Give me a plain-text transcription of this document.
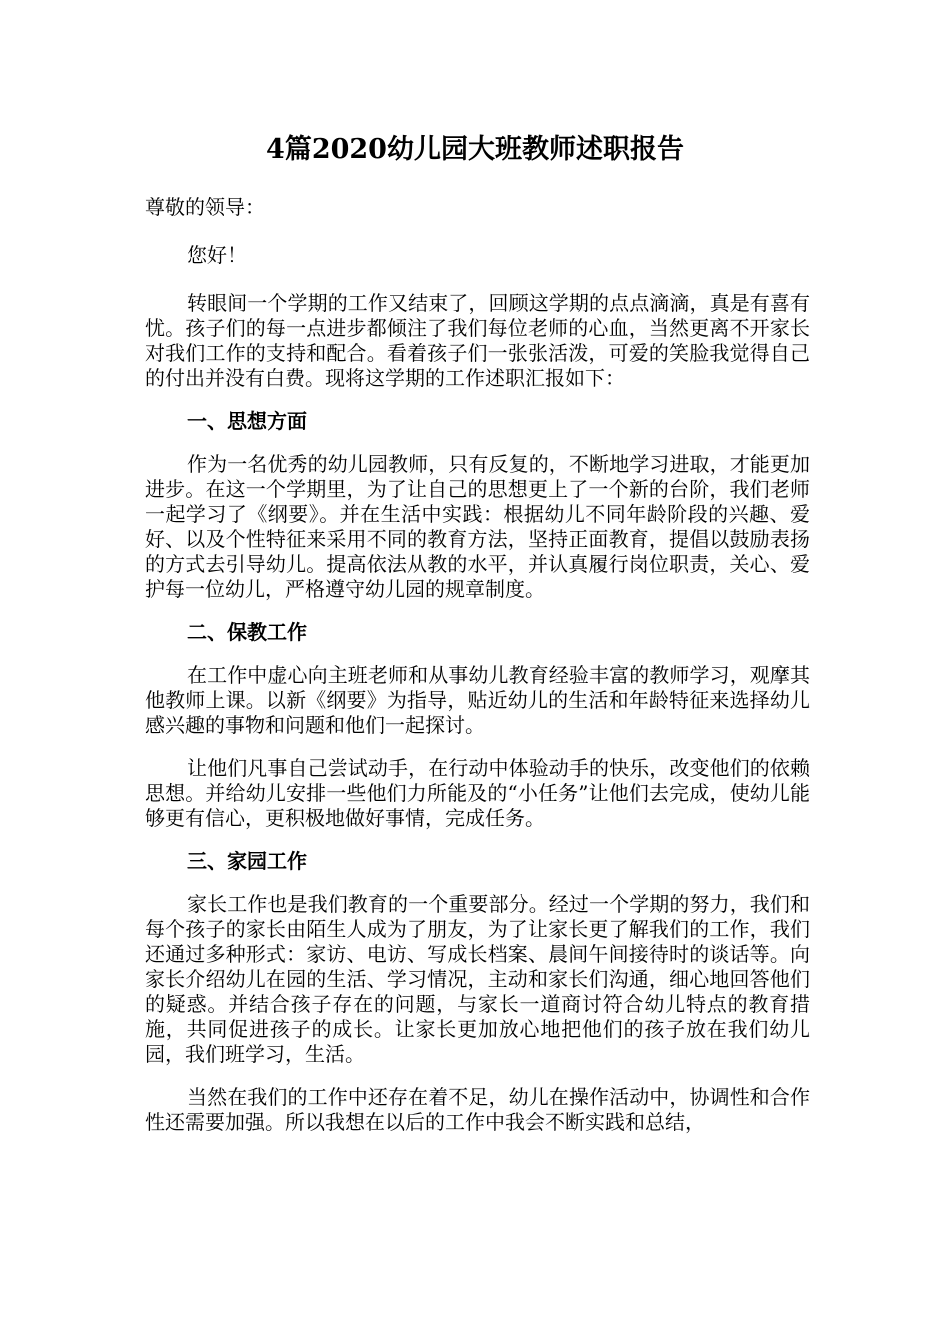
4篇2020幼儿园大班教师述职报告

尊敬的领导：

您好！

转眼间一个学期的工作又结束了，回顾这学期的点点滴滴，真是有喜有忧。孩子们的每一点进步都倾注了我们每位老师的心血，当然更离不开家长对我们工作的支持和配合。看着孩子们一张张活泼，可爱的笑脸我觉得自己的付出并没有白费。现将这学期的工作述职汇报如下：

一、思想方面

作为一名优秀的幼儿园教师，只有反复的，不断地学习进取，才能更加进步。在这一个学期里，为了让自己的思想更上了一个新的台阶，我们老师一起学习了《纲要》。并在生活中实践：根据幼儿不同年龄阶段的兴趣、爱好、以及个性特征来采用不同的教育方法，坚持正面教育，提倡以鼓励表扬的方式去引导幼儿。提高依法从教的水平，并认真履行岗位职责，关心、爱护每一位幼儿，严格遵守幼儿园的规章制度。

二、保教工作

在工作中虚心向主班老师和从事幼儿教育经验丰富的教师学习，观摩其他教师上课。以新《纲要》为指导，贴近幼儿的生活和年龄特征来选择幼儿感兴趣的事物和问题和他们一起探讨。

让他们凡事自己尝试动手，在行动中体验动手的快乐，改变他们的依赖思想。并给幼儿安排一些他们力所能及的“小任务”让他们去完成，使幼儿能够更有信心，更积极地做好事情，完成任务。

三、家园工作

家长工作也是我们教育的一个重要部分。经过一个学期的努力，我们和每个孩子的家长由陌生人成为了朋友，为了让家长更了解我们的工作，我们还通过多种形式：家访、电访、写成长档案、晨间午间接待时的谈话等。向家长介绍幼儿在园的生活、学习情况，主动和家长们沟通，细心地回答他们的疑惑。并结合孩子存在的问题，与家长一道商讨符合幼儿特点的教育措施，共同促进孩子的成长。让家长更加放心地把他们的孩子放在我们幼儿园，我们班学习，生活。

当然在我们的工作中还存在着不足，幼儿在操作活动中，协调性和合作性还需要加强。所以我想在以后的工作中我会不断实践和总结，
